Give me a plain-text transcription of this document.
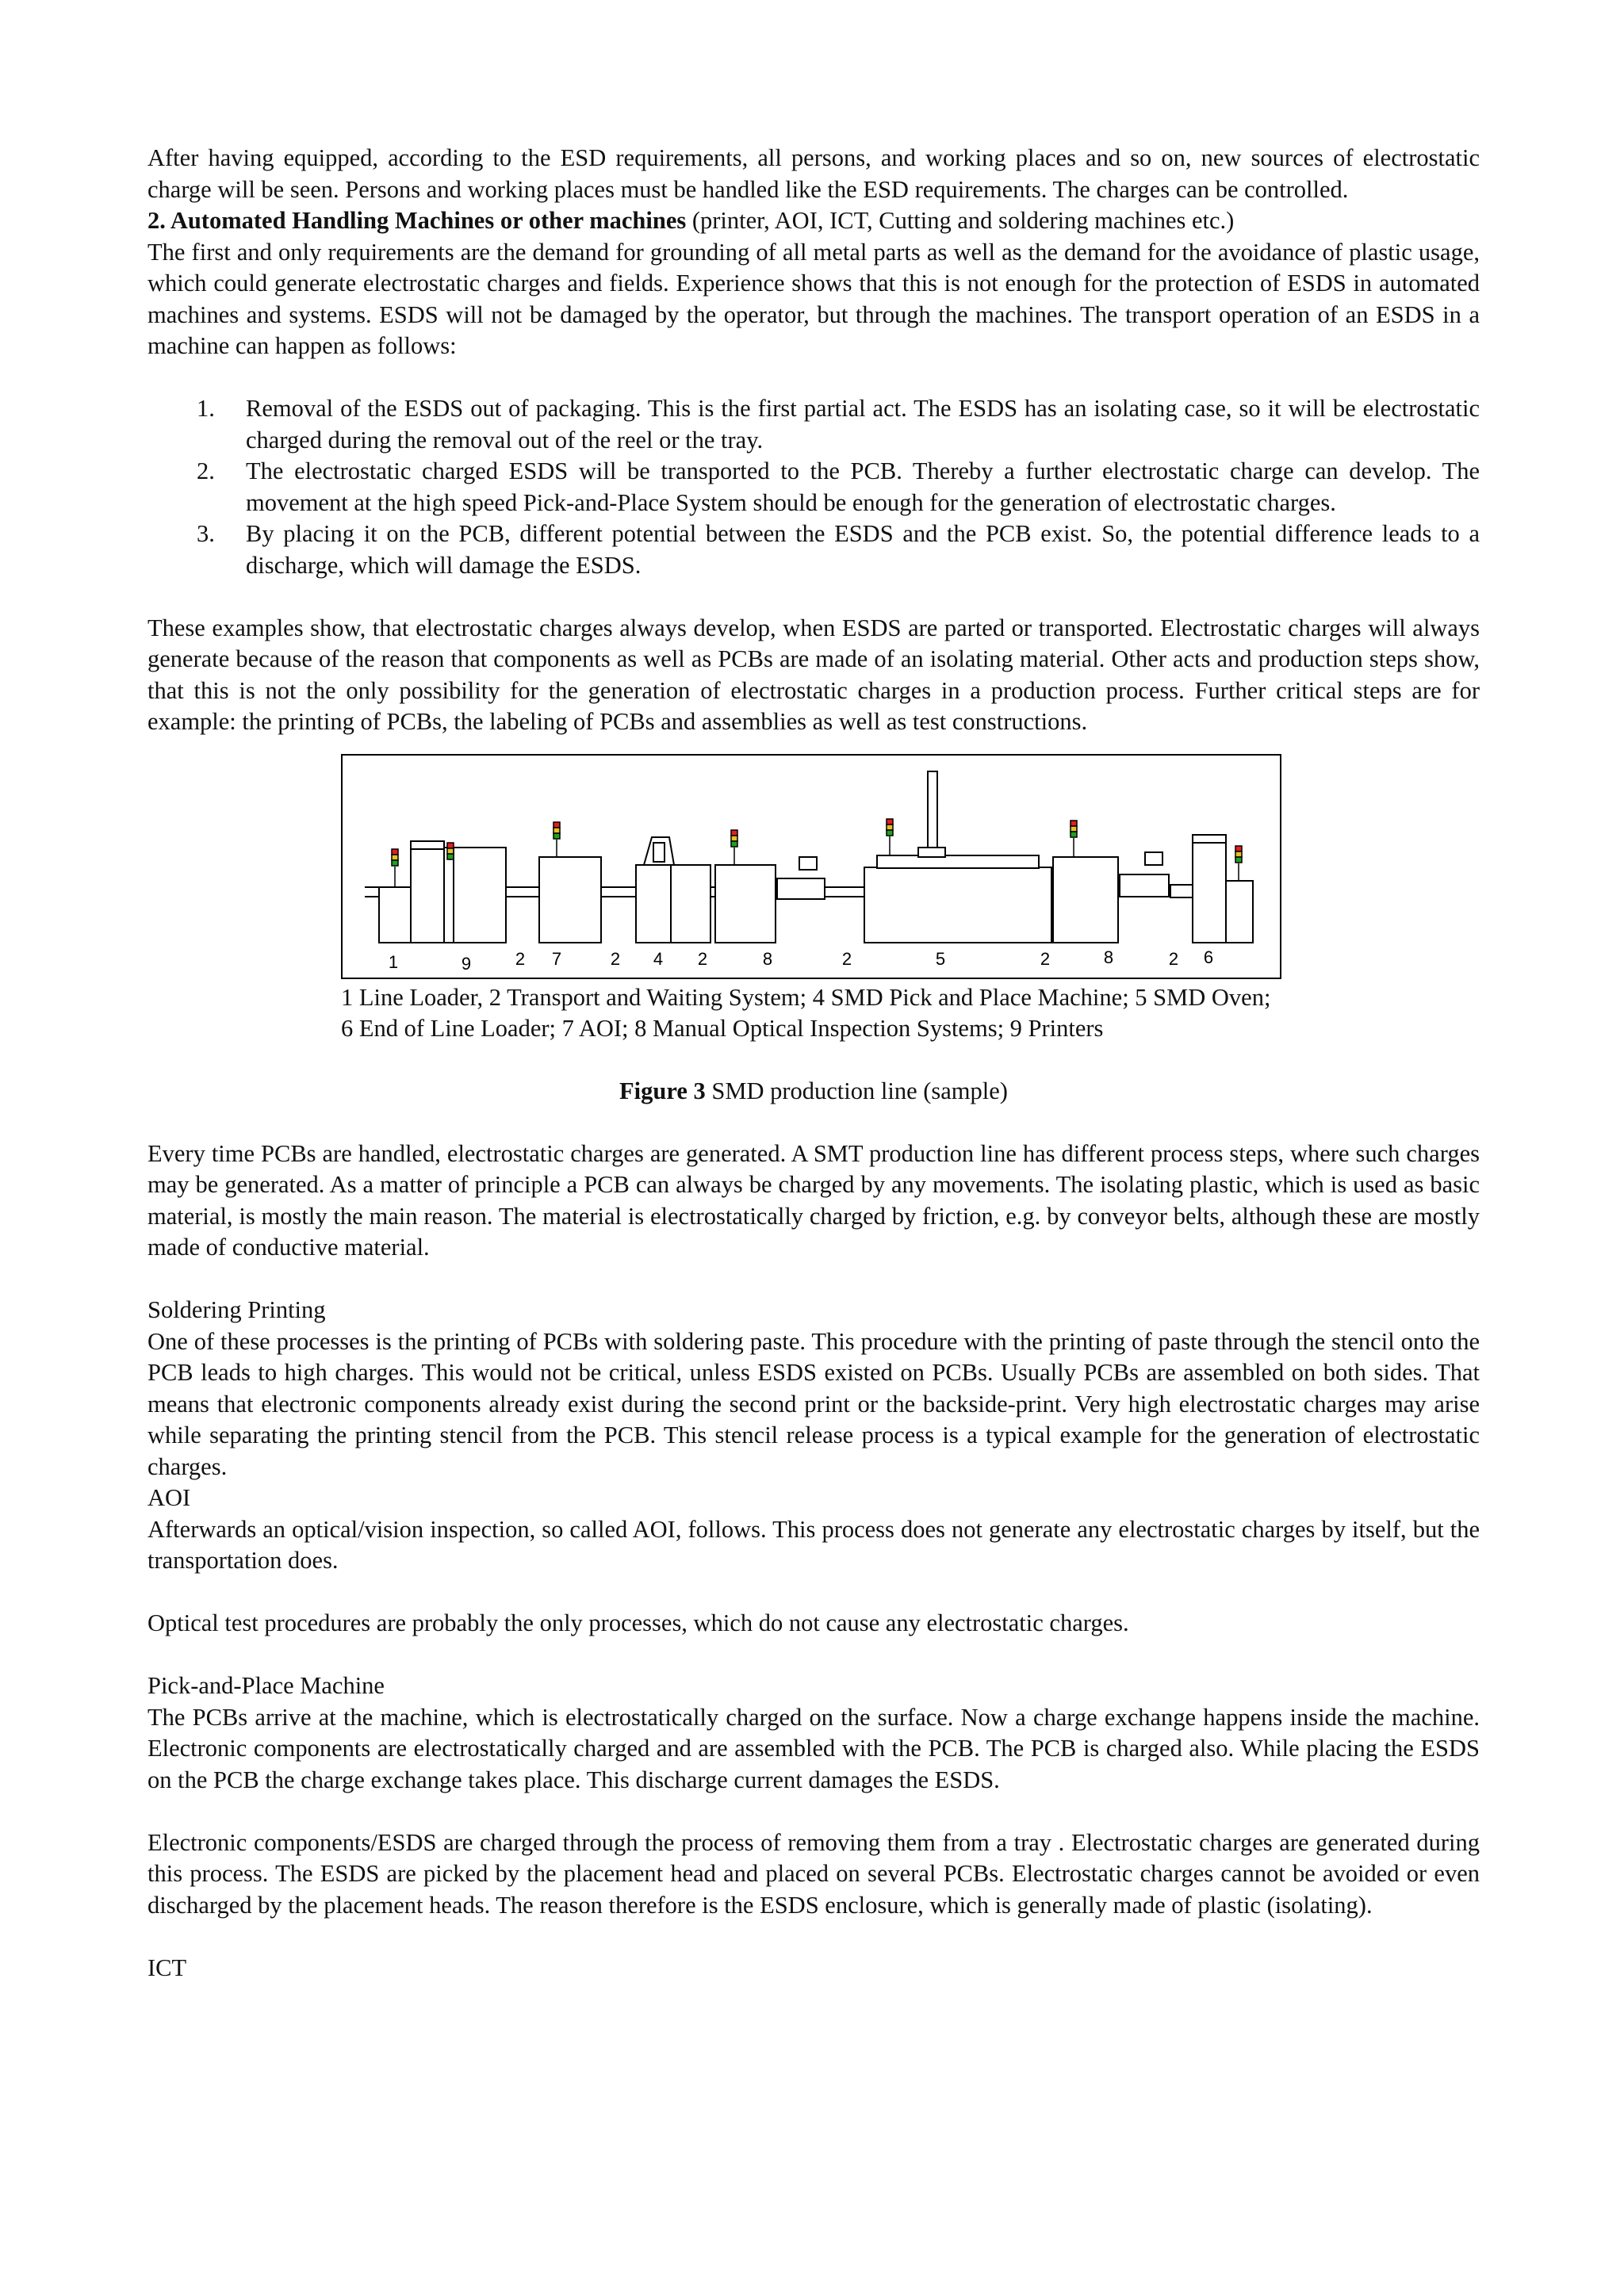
After having equipped, according to the ESD requirements, all persons, and working places and so on, new sources of electrostatic charge will be seen. Persons and working places must be handled like the ESD requirements. The charges can be controlled.

2. Automated Handling Machines or other machines (printer, AOI, ICT, Cutting and soldering machines etc.)

The first and only requirements are the demand for grounding of all metal parts as well as the demand for the avoidance of plastic usage, which could generate electrostatic charges and fields. Experience shows that this is not enough for the protection of ESDS in automated machines and systems. ESDS will not be damaged by the operator, but through the machines. The transport operation of an ESDS in a machine can happen as follows:

1. Removal of the ESDS out of packaging. This is the first partial act. The ESDS has an isolating case, so it will be electrostatic charged during the removal out of the reel or the tray.
2. The electrostatic charged ESDS will be transported to the PCB. Thereby a further electrostatic charge can develop. The movement at the high speed Pick-and-Place System should be enough for the generation of electrostatic charges.
3. By placing it on the PCB, different potential between the ESDS and the PCB exist. So, the potential difference leads to a discharge, which will damage the ESDS.

These examples show, that electrostatic charges always develop, when ESDS are parted or transported. Electrostatic charges will always generate because of the reason that components as well as PCBs are made of an isolating material. Other acts and production steps show, that this is not the only possibility for the generation of electrostatic charges in a production process. Further critical steps are for example: the printing of PCBs, the labeling of PCBs and assemblies as well as test constructions.

1	9	2 7	2 4 2	8	2	5	2	8	2 6
1 Line Loader, 2 Transport and Waiting System; 4 SMD Pick and Place Machine; 5 SMD Oven;
6 End of Line Loader; 7 AOI; 8 Manual Optical Inspection Systems; 9 Printers

Figure 3 SMD production line (sample)

Every time PCBs are handled, electrostatic charges are generated. A SMT production line has different process steps, where such charges may be generated. As a matter of principle a PCB can always be charged by any movements. The isolating plastic, which is used as basic material, is mostly the main reason. The material is electrostatically charged by friction, e.g. by conveyor belts, although these are mostly made of conductive material.

Soldering Printing

One of these processes is the printing of PCBs with soldering paste. This procedure with the printing of paste through the stencil onto the PCB leads to high charges. This would not be critical, unless ESDS existed on PCBs. Usually PCBs are assembled on both sides. That means that electronic components already exist during the second print or the backside-print. Very high electrostatic charges may arise while separating the printing stencil from the PCB. This stencil release process is a typical example for the generation of electrostatic charges.

AOI

Afterwards an optical/vision inspection, so called AOI, follows. This process does not generate any electrostatic charges by itself, but the transportation does.

Optical test procedures are probably the only processes, which do not cause any electrostatic charges.

Pick-and-Place Machine

The PCBs arrive at the machine, which is electrostatically charged on the surface. Now a charge exchange happens inside the machine. Electronic components are electrostatically charged and are assembled with the PCB. The PCB is charged also. While placing the ESDS on the PCB the charge exchange takes place. This discharge current damages the ESDS.

Electronic components/ESDS are charged through the process of removing them from a tray . Electrostatic charges are generated during this process. The ESDS are picked by the placement head and placed on several PCBs. Electrostatic charges cannot be avoided or even discharged by the placement heads. The reason therefore is the ESDS enclosure, which is generally made of plastic (isolating).

ICT
